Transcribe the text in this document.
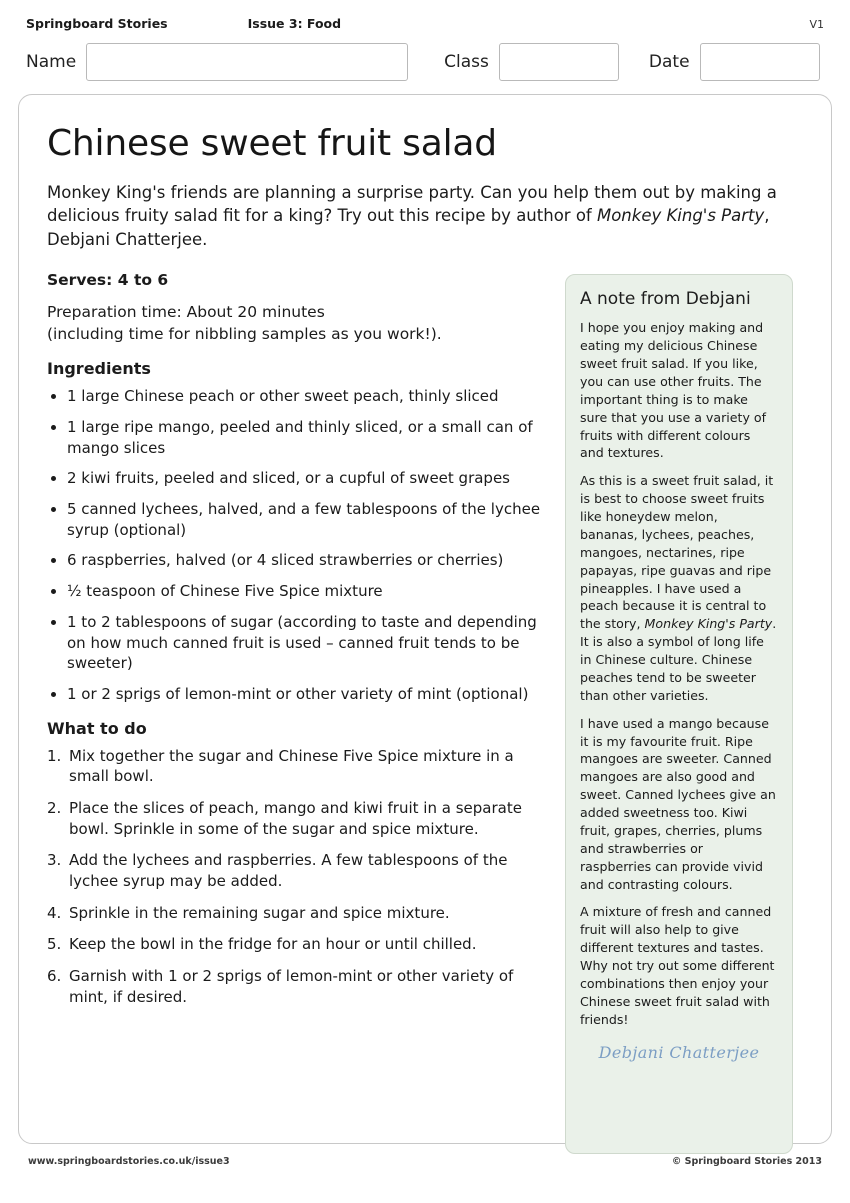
Springboard Stories	Issue 3: Food	V1
Name	Class	Date
Chinese sweet fruit salad

Monkey King's friends are planning a surprise party. Can you help them out by making a delicious fruity salad fit for a king? Try out this recipe by author of Monkey King's Party, Debjani Chatterjee.

Serves: 4 to 6
Preparation time: About 20 minutes
(including time for nibbling samples as you work!).
Ingredients
1 large Chinese peach or other sweet peach, thinly sliced
1 large ripe mango, peeled and thinly sliced, or a small can of mango slices
2 kiwi fruits, peeled and sliced, or a cupful of sweet grapes
5 canned lychees, halved, and a few tablespoons of the lychee syrup (optional)
6 raspberries, halved (or 4 sliced strawberries or cherries)
½ teaspoon of Chinese Five Spice mixture
1 to 2 tablespoons of sugar (according to taste and depending on how much canned fruit is used – canned fruit tends to be sweeter)
1 or 2 sprigs of lemon-mint or other variety of mint (optional)
What to do
Mix together the sugar and Chinese Five Spice mixture in a small bowl.
Place the slices of peach, mango and kiwi fruit in a separate bowl. Sprinkle in some of the sugar and spice mixture.
Add the lychees and raspberries. A few tablespoons of the lychee syrup may be added.
Sprinkle in the remaining sugar and spice mixture.
Keep the bowl in the fridge for an hour or until chilled.
Garnish with 1 or 2 sprigs of lemon-mint or other variety of mint, if desired.
A note from Debjani

I hope you enjoy making and eating my delicious Chinese sweet fruit salad. If you like, you can use other fruits. The important thing is to make sure that you use a variety of fruits with different colours and textures.

As this is a sweet fruit salad, it is best to choose sweet fruits like honeydew melon, bananas, lychees, peaches, mangoes, nectarines, ripe papayas, ripe guavas and ripe pineapples. I have used a peach because it is central to the story, Monkey King's Party. It is also a symbol of long life in Chinese culture. Chinese peaches tend to be sweeter than other varieties.

I have used a mango because it is my favourite fruit. Ripe mangoes are sweeter. Canned mangoes are also good and sweet. Canned lychees give an added sweetness too. Kiwi fruit, grapes, cherries, plums and strawberries or raspberries can provide vivid and contrasting colours.

A mixture of fresh and canned fruit will also help to give different textures and tastes. Why not try out some different combinations then enjoy your Chinese sweet fruit salad with friends!

Debjani Chatterjee
www.springboardstories.co.uk/issue3	© Springboard Stories 2013
